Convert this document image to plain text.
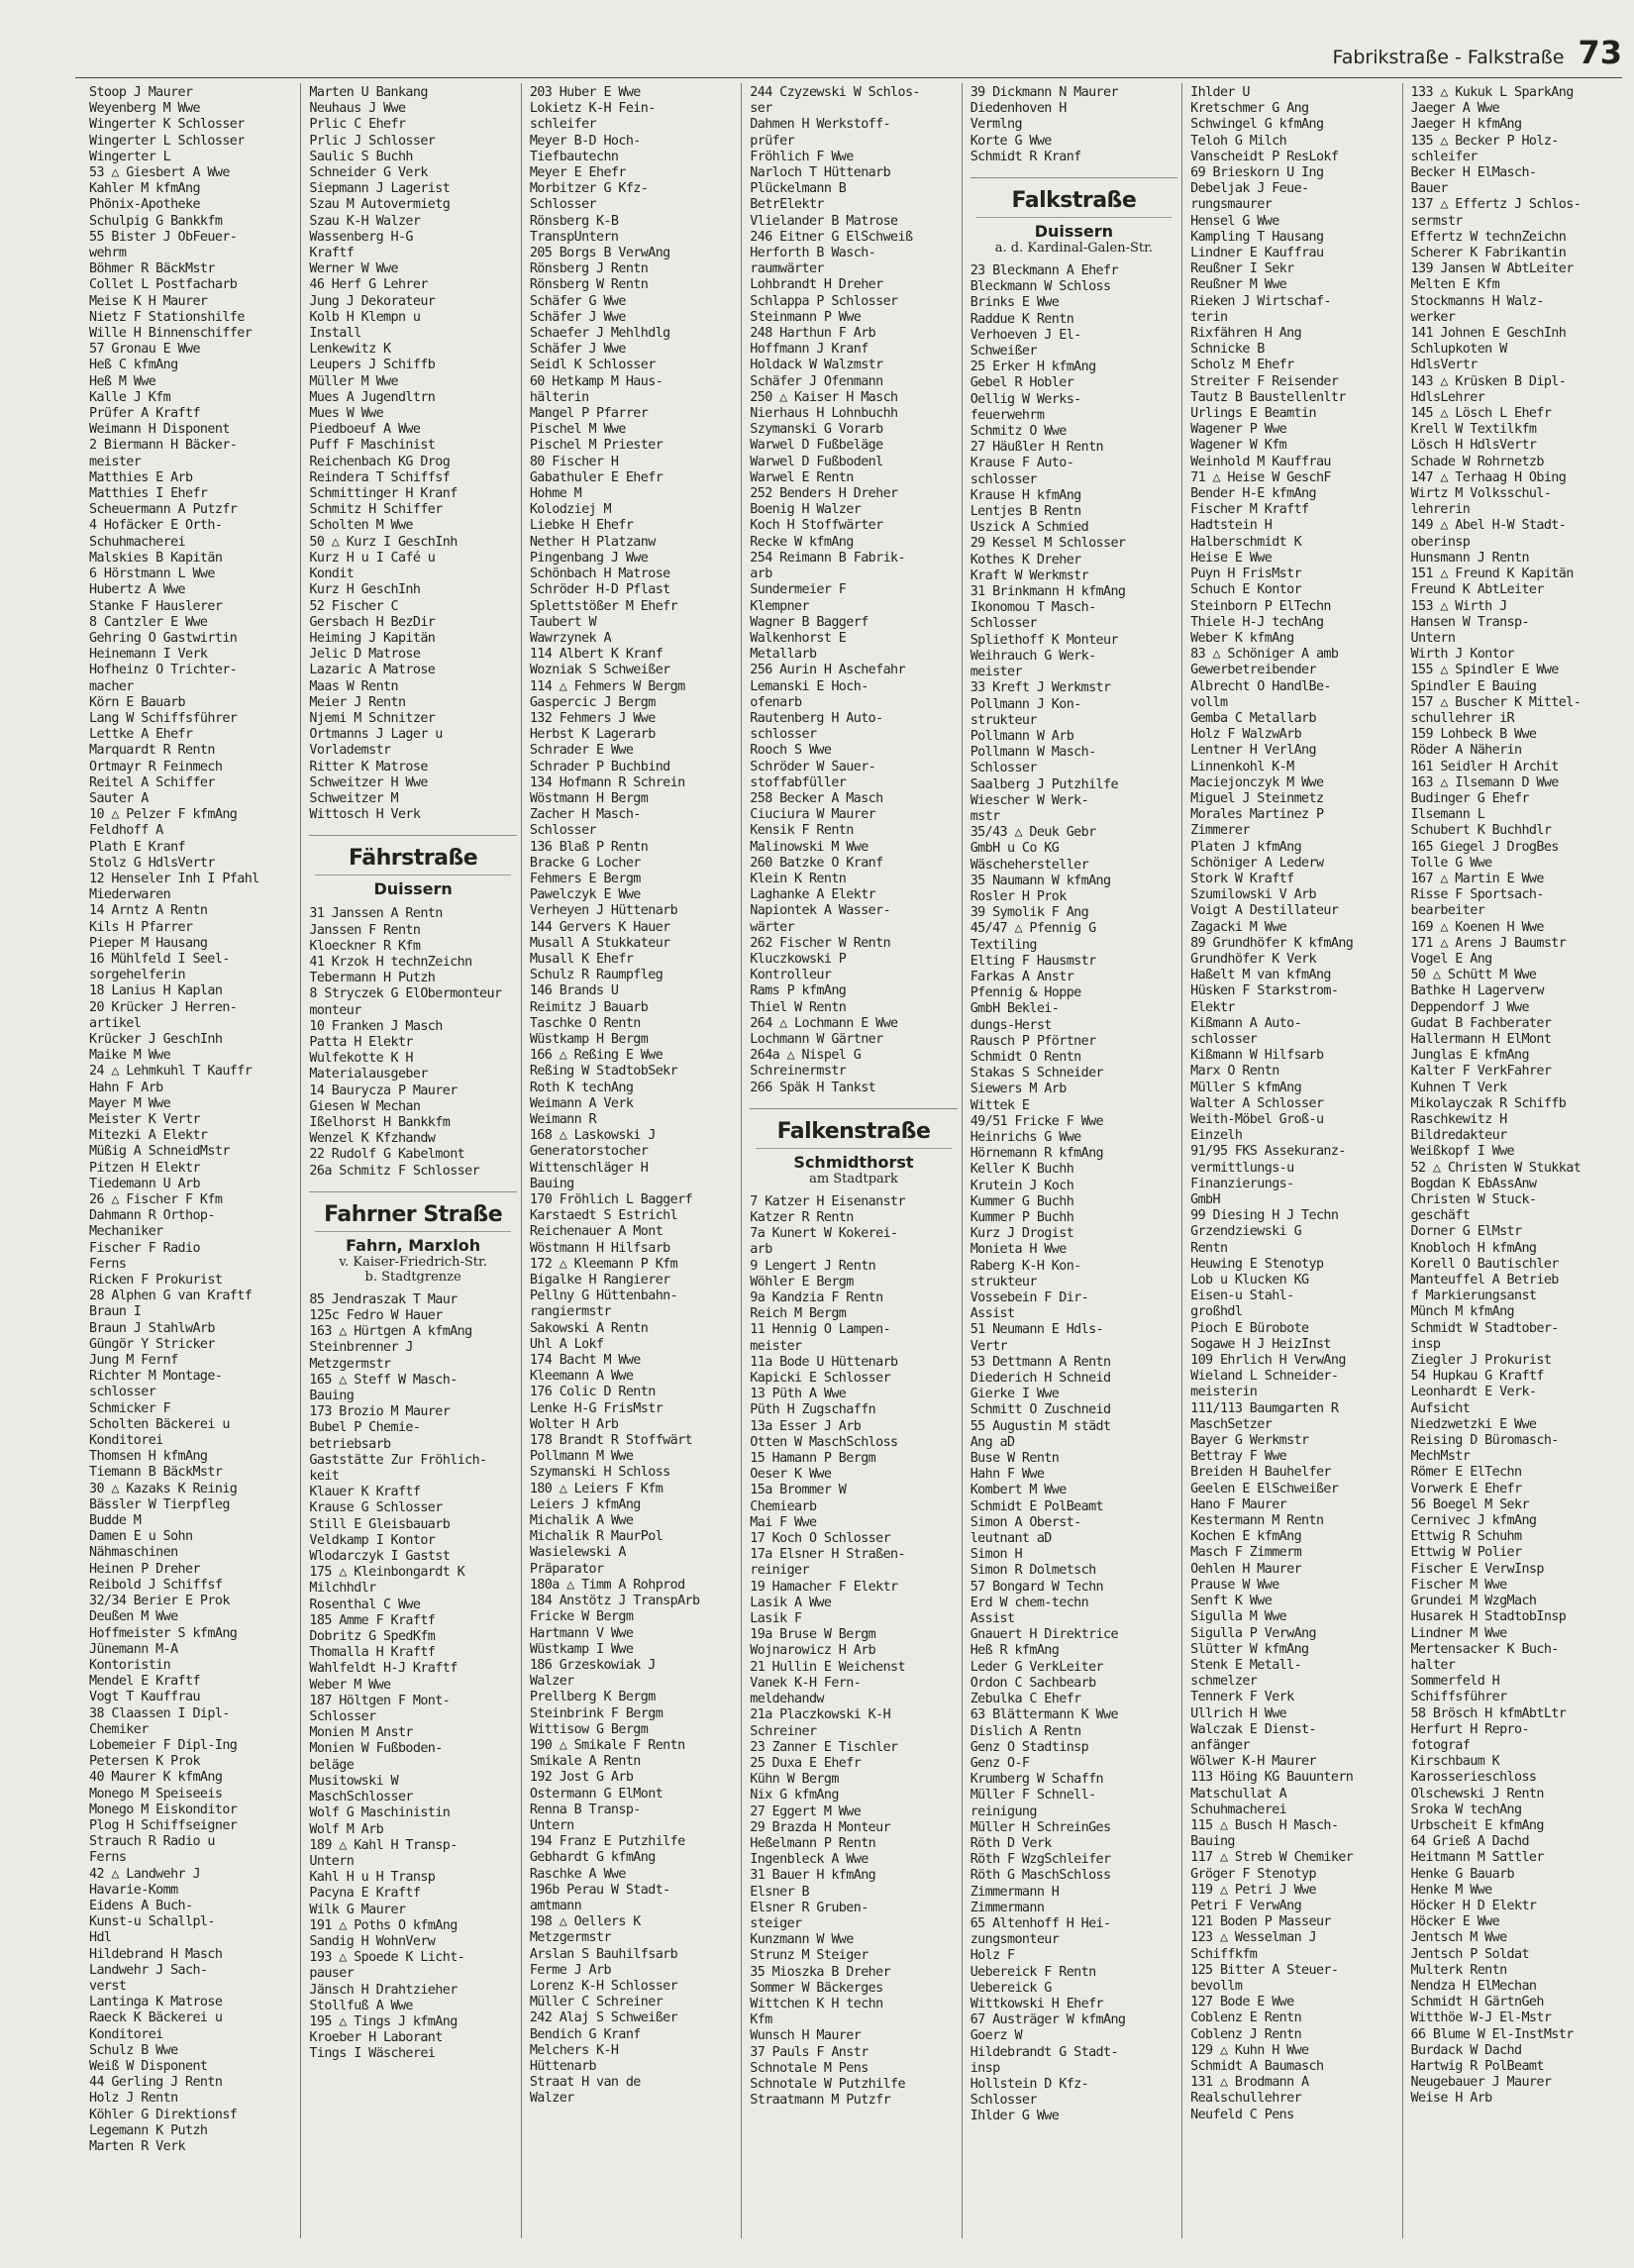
Fabrikstraße - Falkstraße 73
Stoop J Maurer
Weyenberg M Wwe
Wingerter K Schlosser
Wingerter L Schlosser
Wingerter L
53 △ Giesbert A Wwe
Kahler M kfmAng
Phönix-Apotheke
Schulpig G Bankkfm
55 Bister J ObFeuer-
wehrm
Böhmer R BäckMstr
Collet L Postfacharb
Meise K H Maurer
Nietz F Stationshilfe
Wille H Binnenschiffer
57 Gronau E Wwe
Heß C kfmAng
Heß M Wwe
Kalle J Kfm
Prüfer A Kraftf
Weimann H Disponent
2 Biermann H Bäcker-
meister
Matthies E Arb
Matthies I Ehefr
Scheuermann A Putzfr
4 Hofäcker E Orth-
Schuhmacherei
Malskies B Kapitän
6 Hörstmann L Wwe
Hubertz A Wwe
Stanke F Hauslerer
8 Cantzler E Wwe
Gehring O Gastwirtin
Heinemann I Verk
Hofheinz O Trichter-
macher
Körn E Bauarb
Lang W Schiffsführer
Lettke A Ehefr
Marquardt R Rentn
Ortmayr R Feinmech
Reitel A Schiffer
Sauter A
10 △ Pelzer F kfmAng
Feldhoff A
Plath E Kranf
Stolz G HdlsVertr
12 Henseler Inh I Pfahl
Miederwaren
14 Arntz A Rentn
Kils H Pfarrer
Pieper M Hausang
16 Mühlfeld I Seel-
sorgehelferin
18 Lanius H Kaplan
20 Krücker J Herren-
artikel
Krücker J GeschInh
Maike M Wwe
24 △ Lehmkuhl T Kauffr
Hahn F Arb
Mayer M Wwe
Meister K Vertr
Mitezki A Elektr
Müßig A SchneidMstr
Pitzen H Elektr
Tiedemann U Arb
26 △ Fischer F Kfm
Dahmann R Orthop-
Mechaniker
Fischer F Radio
Ferns
Ricken F Prokurist
28 Alphen G van Kraftf
Braun I
Braun J StahlwArb
Güngör Y Stricker
Jung M Fernf
Richter M Montage-
schlosser
Schmicker F
Scholten Bäckerei u
Konditorei
Thomsen H kfmAng
Tiemann B BäckMstr
30 △ Kazaks K Reinig
Bässler W Tierpfleg
Budde M
Damen E u Sohn
Nähmaschinen
Heinen P Dreher
Reibold J Schiffsf
32/34 Berier E Prok
Deußen M Wwe
Hoffmeister S kfmAng
Jünemann M-A
Kontoristin
Mendel E Kraftf
Vogt T Kauffrau
38 Claassen I Dipl-
Chemiker
Lobemeier F Dipl-Ing
Petersen K Prok
40 Maurer K kfmAng
Monego M Speiseeis
Monego M Eiskonditor
Plog H Schiffseigner
Strauch R Radio u
Ferns
42 △ Landwehr J
Havarie-Komm
Eidens A Buch-
Kunst-u Schallpl-
Hdl
Hildebrand H Masch
Landwehr J Sach-
verst
Lantinga K Matrose
Raeck K Bäckerei u
Konditorei
Schulz B Wwe
Weiß W Disponent
44 Gerling J Rentn
Holz J Rentn
Köhler G Direktionsf
Legemann K Putzh
Marten R Verk
Marten U Bankang
Neuhaus J Wwe
Prlic C Ehefr
Prlic J Schlosser
Saulic S Buchh
Schneider G Verk
Siepmann J Lagerist
Szau M Autovermietg
Szau K-H Walzer
Wassenberg H-G
Kraftf
Werner W Wwe
46 Herf G Lehrer
Jung J Dekorateur
Kolb H Klempn u
Install
Lenkewitz K
Leupers J Schiffb
Müller M Wwe
Mues A Jugendltrn
Mues W Wwe
Piedboeuf A Wwe
Puff F Maschinist
Reichenbach KG Drog
Reindera T Schiffsf
Schmittinger H Kranf
Schmitz H Schiffer
Scholten M Wwe
50 △ Kurz I GeschInh
Kurz H u I Café u
Kondit
Kurz H GeschInh
52 Fischer C
Gersbach H BezDir
Heiming J Kapitän
Jelic D Matrose
Lazaric A Matrose
Maas W Rentn
Meier J Rentn
Njemi M Schnitzer
Ortmanns J Lager u
Vorlademstr
Ritter K Matrose
Schweitzer H Wwe
Schweitzer M
Wittosch H Verk
Fährstraße
Duissern
31 Janssen A Rentn
Janssen F Rentn
Kloeckner R Kfm
41 Krzok H technZeichn
Tebermann H Putzh
8 Stryczek G ElObermonteur
monteur
10 Franken J Masch
Patta H Elektr
Wulfekotte K H
Materialausgeber
14 Baurycza P Maurer
Giesen W Mechan
Ißelhorst H Bankkfm
Wenzel K Kfzhandw
22 Rudolf G Kabelmont
26a Schmitz F Schlosser
Fahrner Straße
Fahrn, Marxloh
v. Kaiser-Friedrich-Str.
b. Stadtgrenze
85 Jendraszak T Maur
125c Fedro W Hauer
163 △ Hürtgen A kfmAng
Steinbrenner J
Metzgermstr
165 △ Steff W Masch-
Bauing
173 Brozio M Maurer
Bubel P Chemie-
betriebsarb
Gaststätte Zur Fröhlich-
keit
Klauer K Kraftf
Krause G Schlosser
Still E Gleisbauarb
Veldkamp I Kontor
Wlodarczyk I Gastst
175 △ Kleinbongardt K
Milchhdlr
Rosenthal C Wwe
185 Amme F Kraftf
Dobritz G SpedKfm
Thomalla H Kraftf
Wahlfeldt H-J Kraftf
Weber M Wwe
187 Höltgen F Mont-
Schlosser
Monien M Anstr
Monien W Fußboden-
beläge
Musitowski W
MaschSchlosser
Wolf G Maschinistin
Wolf M Arb
189 △ Kahl H Transp-
Untern
Kahl H u H Transp
Pacyna E Kraftf
Wilk G Maurer
191 △ Poths O kfmAng
Sandig H WohnVerw
193 △ Spoede K Licht-
pauser
Jänsch H Drahtzieher
Stollfuß A Wwe
195 △ Tings J kfmAng
Kroeber H Laborant
Tings I Wäscherei
203 Huber E Wwe
Lokietz K-H Fein-
schleifer
Meyer B-D Hoch-
Tiefbautechn
Meyer E Ehefr
Morbitzer G Kfz-
Schlosser
Rönsberg K-B
TranspUntern
205 Borgs B VerwAng
Rönsberg J Rentn
Rönsberg W Rentn
Schäfer G Wwe
Schäfer J Wwe
Schaefer J Mehlhdlg
Schäfer J Wwe
Seidl K Schlosser
60 Hetkamp M Haus-
hälterin
Mangel P Pfarrer
Pischel M Wwe
Pischel M Priester
80 Fischer H
Gabathuler E Ehefr
Hohme M
Kolodziej M
Liebke H Ehefr
Nether H Platzanw
Pingenbang J Wwe
Schönbach H Matrose
Schröder H-D Pflast
Splettstößer M Ehefr
Taubert W
Wawrzynek A
114 Albert K Kranf
Wozniak S Schweißer
114 △ Fehmers W Bergm
Gaspercic J Bergm
132 Fehmers J Wwe
Herbst K Lagerarb
Schrader E Wwe
Schrader P Buchbind
134 Hofmann R Schrein
Wöstmann H Bergm
Zacher H Masch-
Schlosser
136 Blaß P Rentn
Bracke G Locher
Fehmers E Bergm
Pawelczyk E Wwe
Verheyen J Hüttenarb
144 Gervers K Hauer
Musall A Stukkateur
Musall K Ehefr
Schulz R Raumpfleg
146 Brands U
Reimitz J Bauarb
Taschke O Rentn
Wüstkamp H Bergm
166 △ Reßing E Wwe
Reßing W StadtobSekr
Roth K techAng
Weimann A Verk
Weimann R
168 △ Laskowski J
Generatorstocher
Wittenschläger H
Bauing
170 Fröhlich L Baggerf
Karstaedt S Estrichl
Reichenauer A Mont
Wöstmann H Hilfsarb
172 △ Kleemann P Kfm
Bigalke H Rangierer
Pellny G Hüttenbahn-
rangiermstr
Sakowski A Rentn
Uhl A Lokf
174 Bacht M Wwe
Kleemann A Wwe
176 Colic D Rentn
Lenke H-G FrisMstr
Wolter H Arb
178 Brandt R Stoffwärt
Pollmann M Wwe
Szymanski H Schloss
180 △ Leiers F Kfm
Leiers J kfmAng
Michalik A Wwe
Michalik R MaurPol
Wasielewski A
Präparator
180a △ Timm A Rohprod
184 Anstötz J TranspArb
Fricke W Bergm
Hartmann V Wwe
Wüstkamp I Wwe
186 Grzeskowiak J
Walzer
Prellberg K Bergm
Steinbrink F Bergm
Wittisow G Bergm
190 △ Smikale F Rentn
Smikale A Rentn
192 Jost G Arb
Ostermann G ElMont
Renna B Transp-
Untern
194 Franz E Putzhilfe
Gebhardt G kfmAng
Raschke A Wwe
196b Perau W Stadt-
amtmann
198 △ Oellers K
Metzgermstr
Arslan S Bauhilfsarb
Ferme J Arb
Lorenz K-H Schlosser
Müller C Schreiner
242 Alaj S Schweißer
Bendich G Kranf
Melchers K-H
Hüttenarb
Straat H van de
Walzer
244 Czyzewski W Schlos-
ser
Dahmen H Werkstoff-
prüfer
Fröhlich F Wwe
Narloch T Hüttenarb
Plückelmann B
BetrElektr
Vlielander B Matrose
246 Eitner G ElSchweiß
Herforth B Wasch-
raumwärter
Lohbrandt H Dreher
Schlappa P Schlosser
Steinmann P Wwe
248 Harthun F Arb
Hoffmann J Kranf
Holdack W Walzmstr
Schäfer J Ofenmann
250 △ Kaiser H Masch
Nierhaus H Lohnbuchh
Szymanski G Vorarb
Warwel D Fußbeläge
Warwel D Fußbodenl
Warwel E Rentn
252 Benders H Dreher
Boenig H Walzer
Koch H Stoffwärter
Recke W kfmAng
254 Reimann B Fabrik-
arb
Sundermeier F
Klempner
Wagner B Baggerf
Walkenhorst E
Metallarb
256 Aurin H Aschefahr
Lemanski E Hoch-
ofenarb
Rautenberg H Auto-
schlosser
Rooch S Wwe
Schröder W Sauer-
stoffabfüller
258 Becker A Masch
Ciuciura W Maurer
Kensik F Rentn
Malinowski M Wwe
260 Batzke O Kranf
Klein K Rentn
Laghanke A Elektr
Napiontek A Wasser-
wärter
262 Fischer W Rentn
Kluczkowski P
Kontrolleur
Rams P kfmAng
Thiel W Rentn
264 △ Lochmann E Wwe
Lochmann W Gärtner
264a △ Nispel G
Schreinermstr
266 Späk H Tankst
Falkenstraße
Schmidthorst
am Stadtpark
7 Katzer H Eisenanstr
Katzer R Rentn
7a Kunert W Kokerei-
arb
9 Lengert J Rentn
Wöhler E Bergm
9a Kandzia F Rentn
Reich M Bergm
11 Hennig O Lampen-
meister
11a Bode U Hüttenarb
Kapicki E Schlosser
13 Püth A Wwe
Püth H Zugschaffn
13a Esser J Arb
Otten W MaschSchloss
15 Hamann P Bergm
Oeser K Wwe
15a Brommer W
Chemiearb
Mai F Wwe
17 Koch O Schlosser
17a Elsner H Straßen-
reiniger
19 Hamacher F Elektr
Lasik A Wwe
Lasik F
19a Bruse W Bergm
Wojnarowicz H Arb
21 Hullin E Weichenst
Vanek K-H Fern-
meldehandw
21a Placzkowski K-H
Schreiner
23 Zanner E Tischler
25 Duxa E Ehefr
Kühn W Bergm
Nix G kfmAng
27 Eggert M Wwe
29 Brazda H Monteur
Heßelmann P Rentn
Ingenbleck A Wwe
31 Bauer H kfmAng
Elsner B
Elsner R Gruben-
steiger
Kunzmann W Wwe
Strunz M Steiger
35 Mioszka B Dreher
Sommer W Bäckerges
Wittchen K H techn
Kfm
Wunsch H Maurer
37 Pauls F Anstr
Schnotale M Pens
Schnotale W Putzhilfe
Straatmann M Putzfr
39 Dickmann N Maurer
Diedenhoven H
Vermlng
Korte G Wwe
Schmidt R Kranf
Falkstraße
Duissern
a. d. Kardinal-Galen-Str.
23 Bleckmann A Ehefr
Bleckmann W Schloss
Brinks E Wwe
Raddue K Rentn
Verhoeven J El-
Schweißer
25 Erker H kfmAng
Gebel R Hobler
Oellig W Werks-
feuerwehrm
Schmitz O Wwe
27 Häußler H Rentn
Krause F Auto-
schlosser
Krause H kfmAng
Lentjes B Rentn
Uszick A Schmied
29 Kessel M Schlosser
Kothes K Dreher
Kraft W Werkmstr
31 Brinkmann H kfmAng
Ikonomou T Masch-
Schlosser
Spliethoff K Monteur
Weihrauch G Werk-
meister
33 Kreft J Werkmstr
Pollmann J Kon-
strukteur
Pollmann W Arb
Pollmann W Masch-
Schlosser
Saalberg J Putzhilfe
Wiescher W Werk-
mstr
35/43 △ Deuk Gebr
GmbH u Co KG
Wäschehersteller
35 Naumann W kfmAng
Rosler H Prok
39 Symolik F Ang
45/47 △ Pfennig G
Textiling
Elting F Hausmstr
Farkas A Anstr
Pfennig & Hoppe
GmbH Beklei-
dungs-Herst
Rausch P Pförtner
Schmidt O Rentn
Stakas S Schneider
Siewers M Arb
Wittek E
49/51 Fricke F Wwe
Heinrichs G Wwe
Hörnemann R kfmAng
Keller K Buchh
Krutein J Koch
Kummer G Buchh
Kummer P Buchh
Kurz J Drogist
Monieta H Wwe
Raberg K-H Kon-
strukteur
Vossebein F Dir-
Assist
51 Neumann E Hdls-
Vertr
53 Dettmann A Rentn
Diederich H Schneid
Gierke I Wwe
Schmitt O Zuschneid
55 Augustin M städt
Ang aD
Buse W Rentn
Hahn F Wwe
Kombert M Wwe
Schmidt E PolBeamt
Simon A Oberst-
leutnant aD
Simon H
Simon R Dolmetsch
57 Bongard W Techn
Erd W chem-techn
Assist
Gnauert H Direktrice
Heß R kfmAng
Leder G VerkLeiter
Ordon C Sachbearb
Zebulka C Ehefr
63 Blättermann K Wwe
Dislich A Rentn
Genz O Stadtinsp
Genz O-F
Krumberg W Schaffn
Müller F Schnell-
reinigung
Müller H SchreinGes
Röth D Verk
Röth F WzgSchleifer
Röth G MaschSchloss
Zimmermann H
Zimmermann
65 Altenhoff H Hei-
zungsmonteur
Holz F
Uebereick F Rentn
Uebereick G
Wittkowski H Ehefr
67 Austräger W kfmAng
Goerz W
Hildebrandt G Stadt-
insp
Hollstein D Kfz-
Schlosser
Ihlder G Wwe
Ihlder U
Kretschmer G Ang
Schwingel G kfmAng
Teloh G Milch
Vanscheidt P ResLokf
69 Brieskorn U Ing
Debeljak J Feue-
rungsmaurer
Hensel G Wwe
Kampling T Hausang
Lindner E Kauffrau
Reußner I Sekr
Reußner M Wwe
Rieken J Wirtschaf-
terin
Rixfähren H Ang
Schnicke B
Scholz M Ehefr
Streiter F Reisender
Tautz B Baustellenltr
Urlings E Beamtin
Wagener P Wwe
Wagener W Kfm
Weinhold M Kauffrau
71 △ Heise W GeschF
Bender H-E kfmAng
Fischer M Kraftf
Hadtstein H
Halberschmidt K
Heise E Wwe
Puyn H FrisMstr
Schuch E Kontor
Steinborn P ElTechn
Thiele H-J techAng
Weber K kfmAng
83 △ Schöniger A amb
Gewerbetreibender
Albrecht O HandlBe-
vollm
Gemba C Metallarb
Holz F WalzwArb
Lentner H VerlAng
Linnenkohl K-M
Maciejonczyk M Wwe
Miguel J Steinmetz
Morales Martinez P
Zimmerer
Platen J kfmAng
Schöniger A Lederw
Stork W Kraftf
Szumilowski V Arb
Voigt A Destillateur
Zagacki M Wwe
89 Grundhöfer K kfmAng
Grundhöfer K Verk
Haßelt M van kfmAng
Hüsken F Starkstrom-
Elektr
Kißmann A Auto-
schlosser
Kißmann W Hilfsarb
Marx O Rentn
Müller S kfmAng
Walter A Schlosser
Weith-Möbel Groß-u
Einzelh
91/95 FKS Assekuranz-
vermittlungs-u
Finanzierungs-
GmbH
99 Diesing H J Techn
Grzendziewski G
Rentn
Heuwing E Stenotyp
Lob u Klucken KG
Eisen-u Stahl-
großhdl
Pioch E Bürobote
Sogawe H J HeizInst
109 Ehrlich H VerwAng
Wieland L Schneider-
meisterin
111/113 Baumgarten R
MaschSetzer
Bayer G Werkmstr
Bettray F Wwe
Breiden H Bauhelfer
Geelen E ElSchweißer
Hano F Maurer
Kestermann M Rentn
Kochen E kfmAng
Masch F Zimmerm
Oehlen H Maurer
Prause W Wwe
Senft K Wwe
Sigulla M Wwe
Sigulla P VerwAng
Slütter W kfmAng
Stenk E Metall-
schmelzer
Tennerk F Verk
Ullrich H Wwe
Walczak E Dienst-
anfänger
Wölwer K-H Maurer
113 Höing KG Bauuntern
Matschullat A
Schuhmacherei
115 △ Busch H Masch-
Bauing
117 △ Streb W Chemiker
Gröger F Stenotyp
119 △ Petri J Wwe
Petri F VerwAng
121 Boden P Masseur
123 △ Wesselman J
Schiffkfm
125 Bitter A Steuer-
bevollm
127 Bode E Wwe
Coblenz E Rentn
Coblenz J Rentn
129 △ Kuhn H Wwe
Schmidt A Baumasch
131 △ Brodmann A
Realschullehrer
Neufeld C Pens
133 △ Kukuk L SparkAng
Jaeger A Wwe
Jaeger H kfmAng
135 △ Becker P Holz-
schleifer
Becker H ElMasch-
Bauer
137 △ Effertz J Schlos-
sermstr
Effertz W technZeichn
Scherer K Fabrikantin
139 Jansen W AbtLeiter
Melten E Kfm
Stockmanns H Walz-
werker
141 Johnen E GeschInh
Schlupkoten W
HdlsVertr
143 △ Krüsken B Dipl-
HdlsLehrer
145 △ Lösch L Ehefr
Krell W Textilkfm
Lösch H HdlsVertr
Schade W Rohrnetzb
147 △ Terhaag H Obing
Wirtz M Volksschul-
lehrerin
149 △ Abel H-W Stadt-
oberinsp
Hunsmann J Rentn
151 △ Freund K Kapitän
Freund K AbtLeiter
153 △ Wirth J
Hansen W Transp-
Untern
Wirth J Kontor
155 △ Spindler E Wwe
Spindler E Bauing
157 △ Buscher K Mittel-
schullehrer iR
159 Lohbeck B Wwe
Röder A Näherin
161 Seidler H Archit
163 △ Ilsemann D Wwe
Budinger G Ehefr
Ilsemann L
Schubert K Buchhdlr
165 Giegel J DrogBes
Tolle G Wwe
167 △ Martin E Wwe
Risse F Sportsach-
bearbeiter
169 △ Koenen H Wwe
171 △ Arens J Baumstr
Vogel E Ang
50 △ Schütt M Wwe
Bathke H Lagerverw
Deppendorf J Wwe
Gudat B Fachberater
Hallermann H ElMont
Junglas E kfmAng
Kalter F VerkFahrer
Kuhnen T Verk
Mikolayczak R Schiffb
Raschkewitz H
Bildredakteur
Weißkopf I Wwe
52 △ Christen W Stukkat
Bogdan K EbAssAnw
Christen W Stuck-
geschäft
Dorner G ElMstr
Knobloch H kfmAng
Korell O Bautischler
Manteuffel A Betrieb
f Markierungsanst
Münch M kfmAng
Schmidt W Stadtober-
insp
Ziegler J Prokurist
54 Hupkau G Kraftf
Leonhardt E Verk-
Aufsicht
Niedzwetzki E Wwe
Reising D Büromasch-
MechMstr
Römer E ElTechn
Vorwerk E Ehefr
56 Boegel M Sekr
Cernivec J kfmAng
Ettwig R Schuhm
Ettwig W Polier
Fischer E VerwInsp
Fischer M Wwe
Grundei M WzgMach
Husarek H StadtobInsp
Lindner M Wwe
Mertensacker K Buch-
halter
Sommerfeld H
Schiffsführer
58 Brösch H kfmAbtLtr
Herfurt H Repro-
fotograf
Kirschbaum K
Karosserieschloss
Olschewski J Rentn
Sroka W techAng
Urbscheit E kfmAng
64 Grieß A Dachd
Heitmann M Sattler
Henke G Bauarb
Henke M Wwe
Höcker H D Elektr
Höcker E Wwe
Jentsch M Wwe
Jentsch P Soldat
Multerk Rentn
Nendza H ElMechan
Schmidt H GärtnGeh
Witthöe W-J El-Mstr
66 Blume W El-InstMstr
Burdack W Dachd
Hartwig R PolBeamt
Neugebauer J Maurer
Weise H Arb
